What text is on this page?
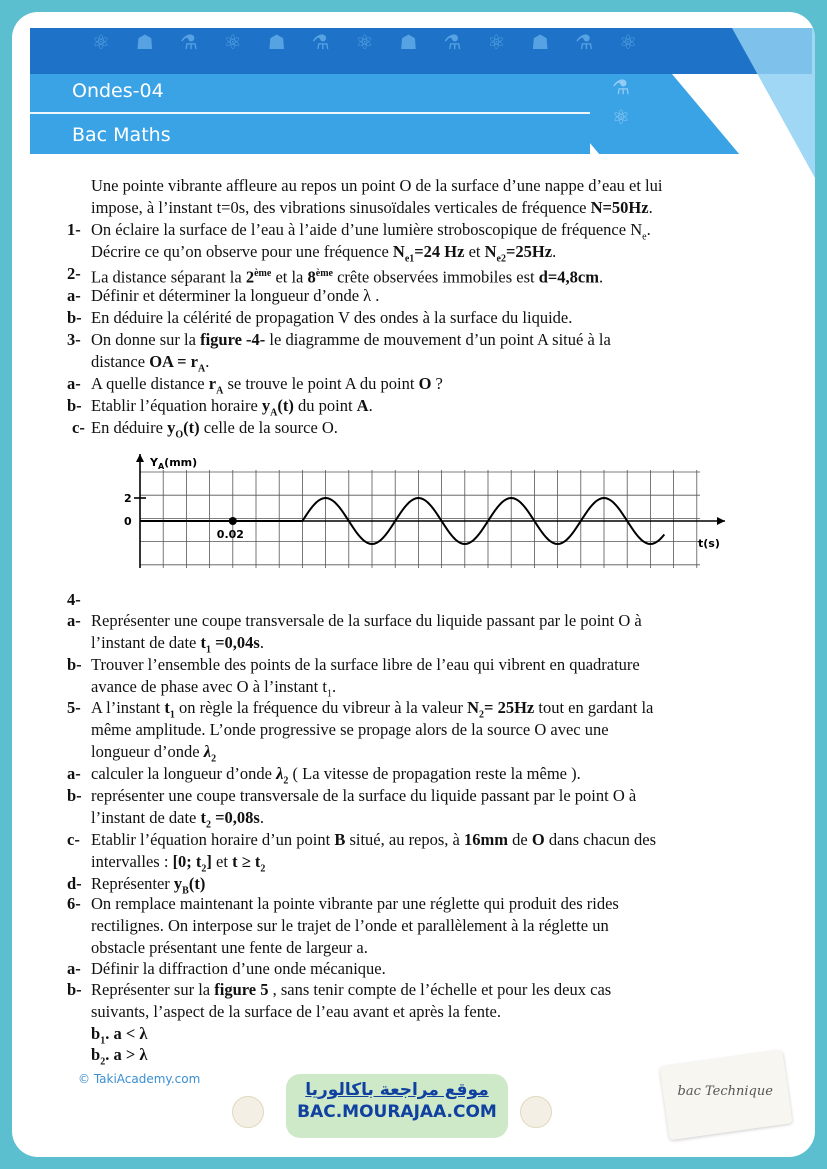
⚛☗⚗⚛☗⚗⚛☗⚗⚛☗⚗⚛
⚗
⚛
Ondes-04
Bac Maths
Une pointe vibrante affleure au repos un point O de la surface d’une nappe d’eau et lui
impose, à l’instant t=0s, des vibrations sinusoïdales verticales de fréquence N=50Hz.
1- On éclaire la surface de l’eau à l’aide d’une lumière stroboscopique de fréquence $N_e$.
Décrire ce qu’on observe pour une fréquence $N_{e1}=24$ Hz et $N_{e2}=25Hz$.
2- La distance séparant la 2ème et la 8ème crête observées immobiles est d=4,8cm.
a- Définir et déterminer la longueur d’onde λ .
b- En déduire la célérité de propagation V des ondes à la surface du liquide.
3- On donne sur la figure -4- le diagramme de mouvement d’un point A situé à la
distance OA = $r_A$.
a- A quelle distance $r_A$ se trouve le point A du point O ?
b- Etablir l’équation horaire $y_A(t)$ du point A.
c- En déduire $y_O(t)$ celle de la source O.
$Y_A(mm)$
t(s)
2
0
0.02
4-
a- Représenter une coupe transversale de la surface du liquide passant par le point O à
l’instant de date $t_1 =0,04s$.
b- Trouver l’ensemble des points de la surface libre de l’eau qui vibrent en quadrature
avance de phase avec O à l’instant $t_1$.
5- A l’instant $t_1$ on règle la fréquence du vibreur à la valeur $N_2= 25Hz$ tout en gardant la
même amplitude. L’onde progressive se propage alors de la source O avec une
longueur d’onde $\lambda_2$
a- calculer la longueur d’onde $\lambda_2$ ( La vitesse de propagation reste la même ).
b- représenter une coupe transversale de la surface du liquide passant par le point O à
l’instant de date $t_2 =0,08s$.
c- Etablir l’équation horaire d’un point B situé, au repos, à 16mm de O dans chacun des
intervalles : [0; $t_2$] et $t \ge t_2$
d- Représenter $y_B(t)$
6- On remplace maintenant la pointe vibrante par une réglette qui produit des rides
rectilignes. On interpose sur le trajet de l’onde et parallèlement à la réglette un
obstacle présentant une fente de largeur a.
a- Définir la diffraction d’une onde mécanique.
b- Représenter sur la figure 5 , sans tenir compte de l’échelle et pour les deux cas
suivants, l’aspect de la surface de l’eau avant et après la fente.
$b_1$. a < λ
$b_2$. a > λ
© TakiAcademy.com
موقع مراجعة باكالوريا
BAC.MOURAJAA.COM
bac Technique
